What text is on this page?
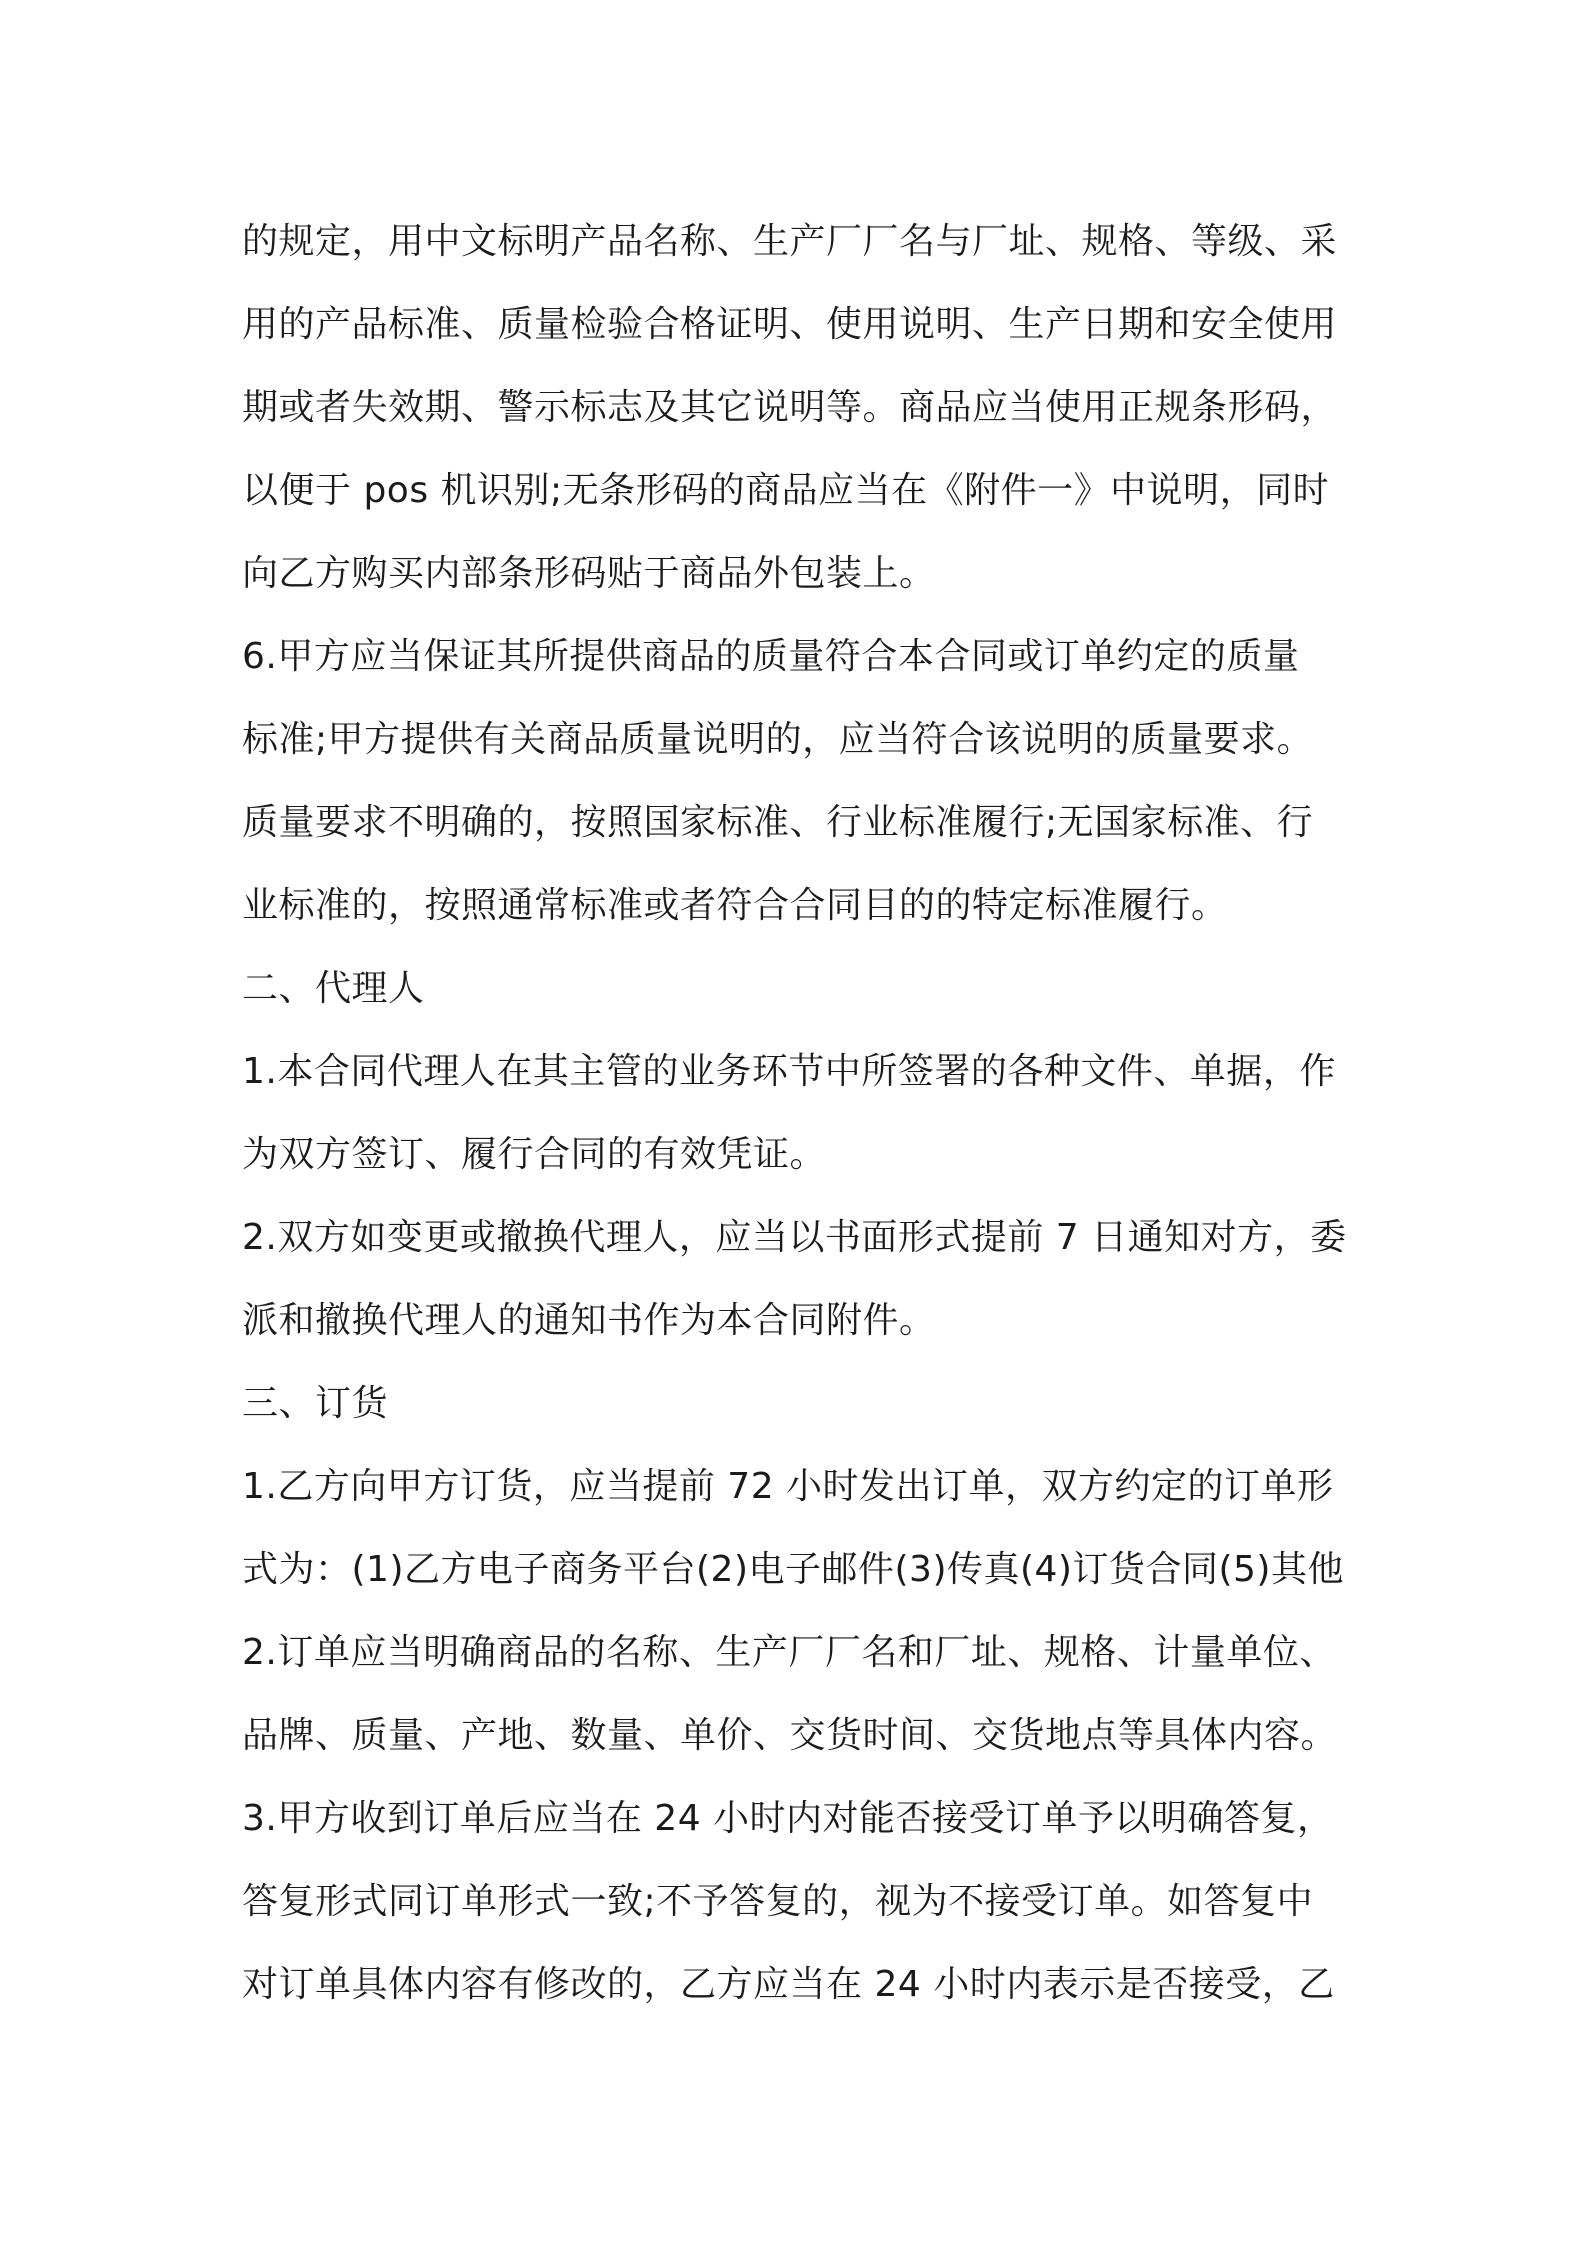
的规定，用中文标明产品名称、生产厂厂名与厂址、规格、等级、采
用的产品标准、质量检验合格证明、使用说明、生产日期和安全使用
期或者失效期、警示标志及其它说明等。商品应当使用正规条形码，
以便于 pos 机识别;无条形码的商品应当在《附件一》中说明，同时
向乙方购买内部条形码贴于商品外包装上。
6.甲方应当保证其所提供商品的质量符合本合同或订单约定的质量
标准;甲方提供有关商品质量说明的，应当符合该说明的质量要求。
质量要求不明确的，按照国家标准、行业标准履行;无国家标准、行
业标准的，按照通常标准或者符合合同目的的特定标准履行。
二、代理人
1.本合同代理人在其主管的业务环节中所签署的各种文件、单据，作
为双方签订、履行合同的有效凭证。
2.双方如变更或撤换代理人，应当以书面形式提前 7 日通知对方，委
派和撤换代理人的通知书作为本合同附件。
三、订货
1.乙方向甲方订货，应当提前 72 小时发出订单，双方约定的订单形
式为：(1)乙方电子商务平台(2)电子邮件(3)传真(4)订货合同(5)其他
2.订单应当明确商品的名称、生产厂厂名和厂址、规格、计量单位、
品牌、质量、产地、数量、单价、交货时间、交货地点等具体内容。
3.甲方收到订单后应当在 24 小时内对能否接受订单予以明确答复，
答复形式同订单形式一致;不予答复的，视为不接受订单。如答复中
对订单具体内容有修改的，乙方应当在 24 小时内表示是否接受，乙
